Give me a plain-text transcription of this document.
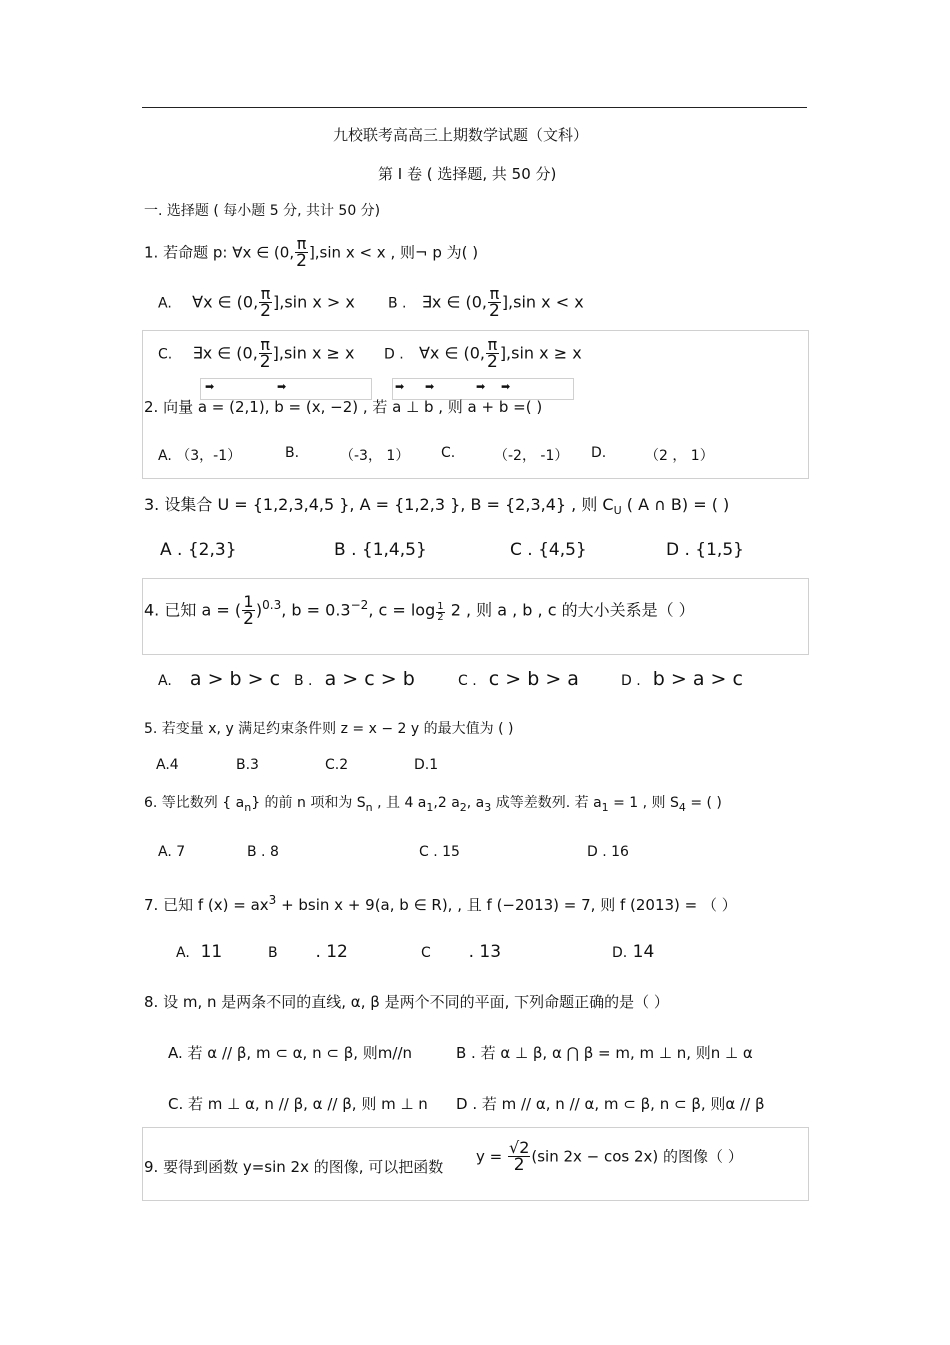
九校联考高高三上期数学试题（文科）
第 I 卷 ( 选择题, 共 50 分)
一. 选择题 ( 每小题 5 分, 共计 50 分)
1. 若命题 p: ∀x ∈ (0, $\frac{\pi}{2} ],\sin$ x < x , 则¬ p 为( )
A. ∀x ∈ (0, $\frac{\pi}{2} ],\sin$ x > x B . ∃x ∈ (0, $\frac{\pi}{2} ],\sin$ x < x
C. ∃x ∈ (0, $\frac{\pi}{2} ],\sin$ x ≥ x D . ∀x ∈ (0, $\frac{\pi}{2} ],\sin$ x ≥ x
➡	➡	➡ ➡	➡ ➡
2. 向量 a = (2,1), b = (x, −2) , 若 a ⊥ b , 则 a + b =( )
A. （3，-1）	B.	（-3， 1） C.	（-2， -1） D.	（2 ， 1）
3. 设集合 U = {1,2,3,4,5 }, A = {1,2,3 }, B = {2,3,4} , 则 $C_U$ ( A ∩ B) = ( )
A . {2,3}	B . {1,4,5}	C . {4,5}	D . {1,5}
4. 已知 a = ( $\frac{1}{2} )^{0.3}$, $b = 0.3^{-2}$, $c = \log \frac{1}{2} 2$ , 则 a , b , c 的大小关系是（ ）
A. a > b > c B . a > c > b	C . c > b > a	D . b > a > c
5. 若变量 x, y 满足约束条件则 z = x − 2 y 的最大值为 ( )
A.4	B.3	C.2	D.1
6. 等比数列 { $a_n$} 的前 n 项和为 $S_n$ , 且 4 $a_1,2$ $a_2$, $a_3$ 成等差数列. 若 $a_1 = 1$ , 则 $S_4$ = ( )
A. 7	B . 8	C . 15	D . 16
7. 已知 f $(x) = ax^3 + bsin$ x + 9(a, b ∈ R), , 且 f (−2013) = 7, 则 f (2013) = （ ）
A. 11	B . 12	C . 13	D. 14
8. 设 m, n 是两条不同的直线, α, β 是两个不同的平面, 下列命题正确的是（ ）
A. 若 α // β, m ⊂ α, n ⊂ β, 则m//n	B . 若 α ⊥ β, α ⋂ β = m, m ⊥ n, 则n ⊥ α
C. 若 m ⊥ α, n // β, α // β, 则 m ⊥ n D . 若 m // α, n // α, m ⊂ β, n ⊂ β, 则α // β
9. 要得到函数 y=sin 2x 的图像, 可以把函数
$y = \frac{√2}{2} (\sin$ 2x − cos 2x) 的图像（ ）
